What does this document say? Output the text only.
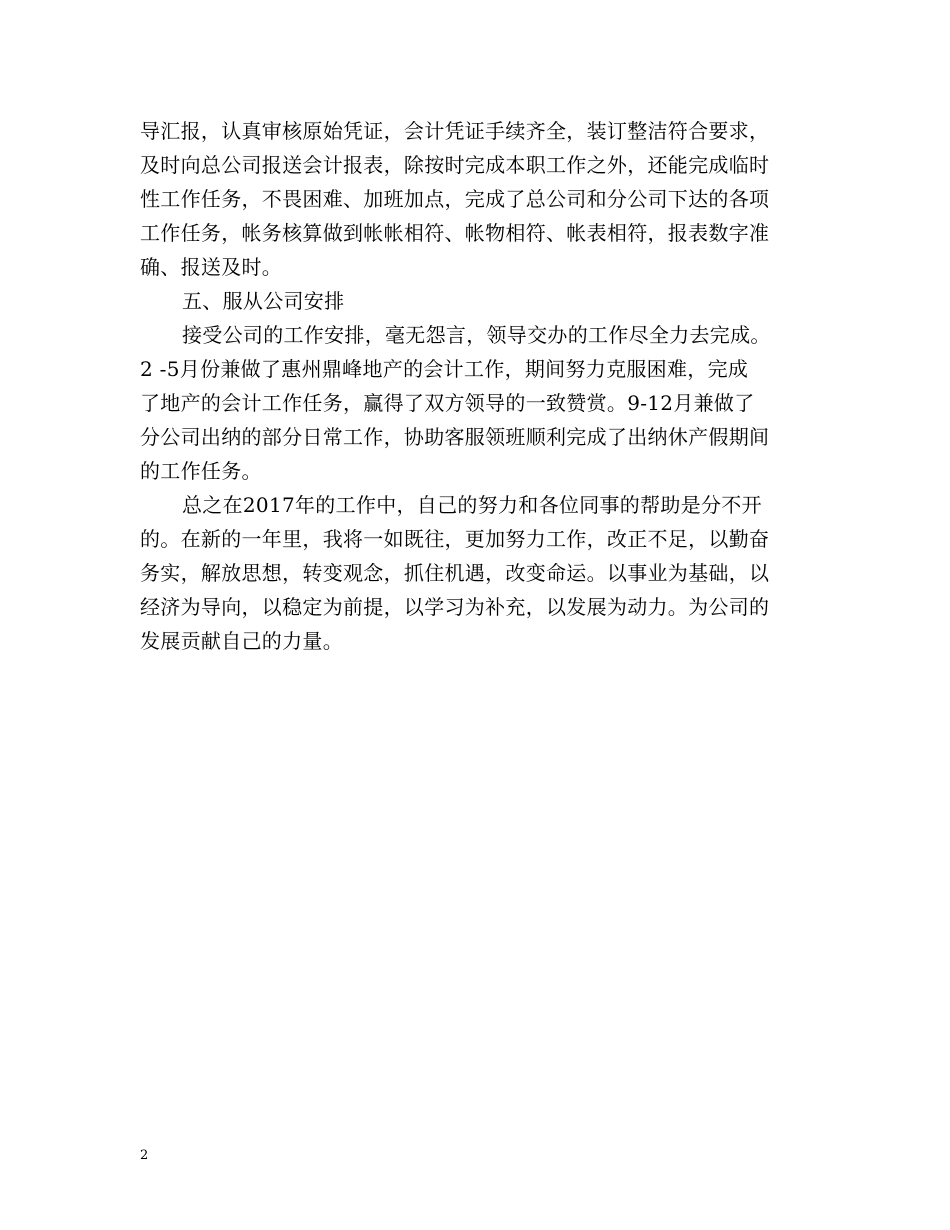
导汇报，认真审核原始凭证，会计凭证手续齐全，装订整洁符合要求，
及时向总公司报送会计报表，除按时完成本职工作之外，还能完成临时
性工作任务，不畏困难、加班加点，完成了总公司和分公司下达的各项
工作任务，帐务核算做到帐帐相符、帐物相符、帐表相符，报表数字准
确、报送及时。
五、服从公司安排
接受公司的工作安排，毫无怨言，领导交办的工作尽全力去完成。
2 -5月份兼做了惠州鼎峰地产的会计工作，期间努力克服困难，完成
了地产的会计工作任务，赢得了双方领导的一致赞赏。9-12月兼做了
分公司出纳的部分日常工作，协助客服领班顺利完成了出纳休产假期间
的工作任务。
总之在2017年的工作中，自己的努力和各位同事的帮助是分不开
的。在新的一年里，我将一如既往，更加努力工作，改正不足，以勤奋
务实，解放思想，转变观念，抓住机遇，改变命运。以事业为基础，以
经济为导向，以稳定为前提，以学习为补充，以发展为动力。为公司的
发展贡献自己的力量。
2
